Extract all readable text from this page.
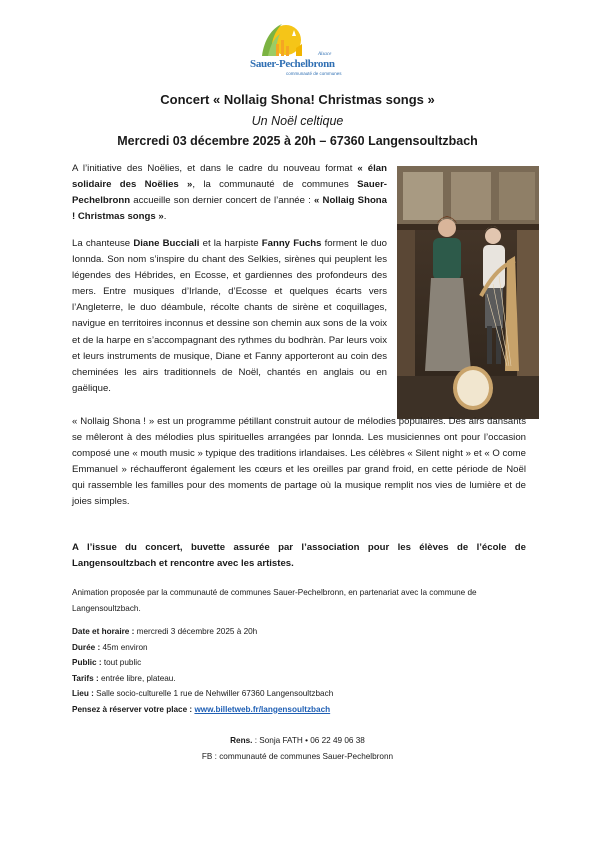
Alsace
Sauer-Pechelbronn
communauté de communes
Concert « Nollaig Shona! Christmas songs »
Un Noël celtique
Mercredi 03 décembre 2025 à 20h – 67360 Langensoultzbach

A l’initiative des Noëlies, et dans le cadre du nouveau format « élan solidaire des Noëlies », la communauté de communes Sauer-Pechelbronn accueille son dernier concert de l’année : « Nollaig Shona ! Christmas songs ».

La chanteuse Diane Bucciali et la harpiste Fanny Fuchs forment le duo Ionnda. Son nom s’inspire du chant des Selkies, sirènes qui peuplent les légendes des Hébrides, en Ecosse, et gardiennes des profondeurs des mers. Entre musiques d’Irlande, d’Ecosse et quelques écarts vers l’Angleterre, le duo déambule, récolte chants de sirène et coquillages, navigue en territoires inconnus et dessine son chemin aux sons de la voix et de la harpe en s’accompagnant des rythmes du bodhràn. Par leurs voix et leurs instruments de musique, Diane et Fanny apporteront au coin des cheminées les airs traditionnels de Noël, chantés en anglais ou en gaëlique.

« Nollaig Shona ! » est un programme pétillant construit autour de mélodies populaires. Des airs dansants se mêleront à des mélodies plus spirituelles arrangées par Ionnda. Les musiciennes ont pour l’occasion composé une « mouth music » typique des traditions irlandaises. Les célèbres « Silent night » et « O come Emmanuel » réchaufferont également les cœurs et les oreilles par grand froid, en cette période de Noël qui rassemble les familles pour des moments de partage où la musique remplit nos vies de lumière et de joies simples.

A l’issue du concert, buvette assurée par l’association pour les élèves de l’école de Langensoultzbach et rencontre avec les artistes.

Animation proposée par la communauté de communes Sauer-Pechelbronn, en partenariat avec la commune de Langensoultzbach.

Date et horaire : mercredi 3 décembre 2025 à 20h
Durée : 45m environ
Public : tout public
Tarifs : entrée libre, plateau.
Lieu : Salle socio-culturelle 1 rue de Nehwiller 67360 Langensoultzbach
Pensez à réserver votre place : www.billetweb.fr/langensoultzbach
Rens. : Sonja FATH • 06 22 49 06 38
FB : communauté de communes Sauer-Pechelbronn
